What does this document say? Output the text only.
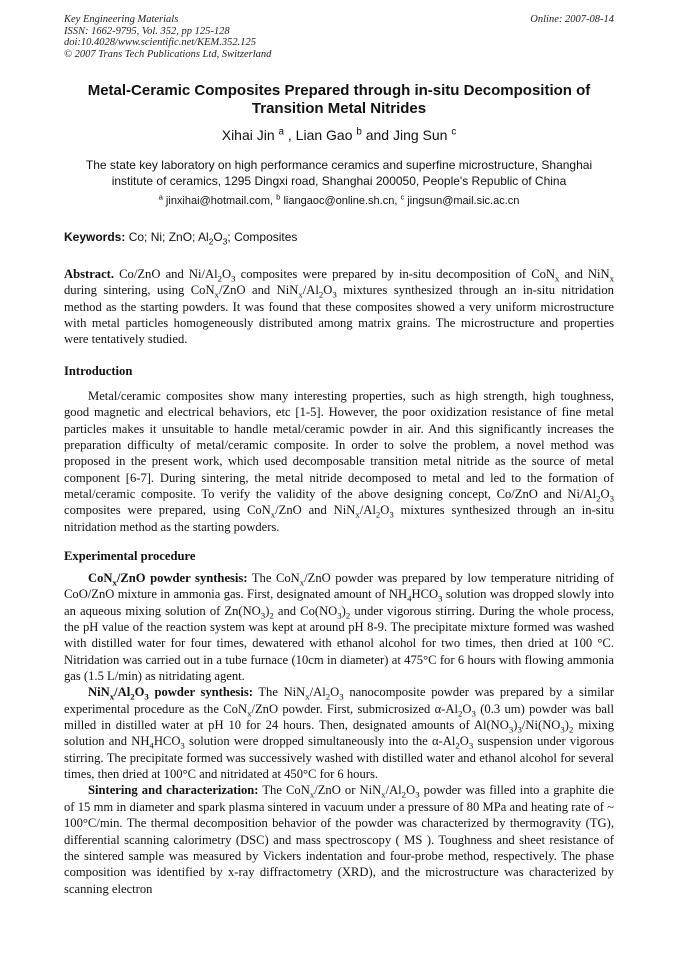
Key Engineering Materials
ISSN: 1662-9795, Vol. 352, pp 125-128
doi:10.4028/www.scientific.net/KEM.352.125
© 2007 Trans Tech Publications Ltd, Switzerland
Online: 2007-08-14
Metal-Ceramic Composites Prepared through in-situ Decomposition of Transition Metal Nitrides
Xihai Jin $^a$ , Lian Gao $^b$ and Jing Sun $^c$
The state key laboratory on high performance ceramics and superfine microstructure, Shanghai institute of ceramics, 1295 Dingxi road, Shanghai 200050, People's Republic of China
$^a$ jinxihai@hotmail.com, $^b$ liangaoc@online.sh.cn, $^c$ jingsun@mail.sic.ac.cn
Keywords: Co; Ni; ZnO; $Al_2O_3$; Composites

Abstract. Co/ZnO and $Ni/Al_2O_3$ composites were prepared by in-situ decomposition of CoN$_x$ and NiN$_x$ during sintering, using CoN$_x$/ZnO and $NiN_x/Al_2O_3$ mixtures synthesized through an in-situ nitridation method as the starting powders. It was found that these composites showed a very uniform microstructure with metal particles homogeneously distributed among matrix grains. The microstructure and properties were tentatively studied.

Introduction

Metal/ceramic composites show many interesting properties, such as high strength, high toughness, good magnetic and electrical behaviors, etc [1-5]. However, the poor oxidization resistance of fine metal particles makes it unsuitable to handle metal/ceramic powder in air. And this significantly increases the preparation difficulty of metal/ceramic composite. In order to solve the problem, a novel method was proposed in the present work, which used decomposable transition metal nitride as the source of metal component [6-7]. During sintering, the metal nitride decomposed to metal and led to the formation of metal/ceramic composite. To verify the validity of the above designing concept, Co/ZnO and $Ni/Al_2O_3$ composites were prepared, using CoN$_x$/ZnO and $NiN_x/Al_2O_3$ mixtures synthesized through an in-situ nitridation method as the starting powders.

Experimental procedure

CoN$_x$/ZnO powder synthesis: The CoN$_x$/ZnO powder was prepared by low temperature nitriding of CoO/ZnO mixture in ammonia gas. First, designated amount of $NH_4HCO_3$ solution was dropped slowly into an aqueous mixing solution of $Zn(NO_3)_2$ and $Co(NO_3)_2$ under vigorous stirring. During the whole process, the pH value of the reaction system was kept at around pH 8-9. The precipitate mixture formed was washed with distilled water for four times, dewatered with ethanol alcohol for two times, then dried at 100 °C. Nitridation was carried out in a tube furnace (10cm in diameter) at 475°C for 6 hours with flowing ammonia gas (1.5 L/min) as nitridating agent.

$NiN_x/Al_2O_3$ powder synthesis: The $NiN_x/Al_2O_3$ nanocomposite powder was prepared by a similar experimental procedure as the CoN$_x$/ZnO powder. First, submicrosized $\alpha-Al_2O_3$ (0.3 um) powder was ball milled in distilled water at pH 10 for 24 hours. Then, designated amounts of $Al(NO_3)_3/Ni(NO_3)_2$ mixing solution and $NH_4HCO_3$ solution were dropped simultaneously into the $\alpha-Al_2O_3$ suspension under vigorous stirring. The precipitate formed was successively washed with distilled water and ethanol alcohol for several times, then dried at 100°C and nitridated at 450°C for 6 hours.

Sintering and characterization: The CoN$_x$/ZnO or $NiN_x/Al_2O_3$ powder was filled into a graphite die of 15 mm in diameter and spark plasma sintered in vacuum under a pressure of 80 MPa and heating rate of ~ 100°C/min. The thermal decomposition behavior of the powder was characterized by thermogravity (TG), differential scanning calorimetry (DSC) and mass spectroscopy ( MS ). Toughness and sheet resistance of the sintered sample was measured by Vickers indentation and four-probe method, respectively. The phase composition was identified by x-ray diffractometry (XRD), and the microstructure was characterized by scanning electron
